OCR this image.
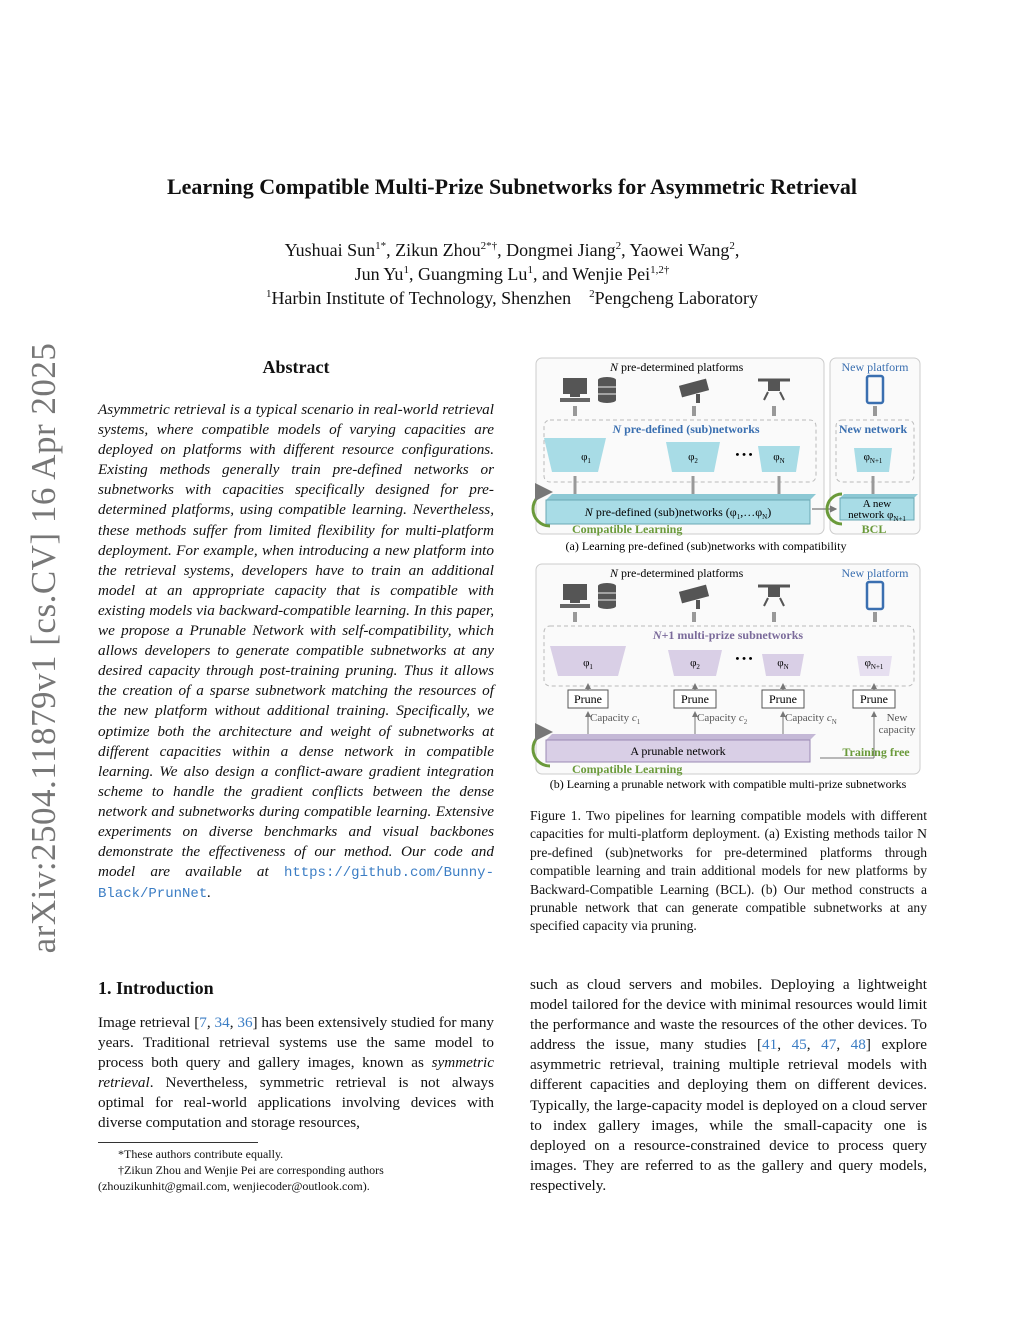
arXiv:2504.11879v1 [cs.CV] 16 Apr 2025
Learning Compatible Multi-Prize Subnetworks for Asymmetric Retrieval
Yushuai Sun$^{1*}$, Zikun Zhou$^{2*\dagger}$, Dongmei Jiang$^2$, Yaowei Wang$^2$,
Jun Yu$^1$, Guangming Lu$^1$, and Wenjie Pei$^{1,2\dagger}$
$^1$Harbin Institute of Technology, Shenzhen $^2$Pengcheng Laboratory
Abstract
Asymmetric retrieval is a typical scenario in real-world retrieval systems, where compatible models of varying capacities are deployed on platforms with different resource configurations. Existing methods generally train pre-defined networks or subnetworks with capacities specifically designed for pre-determined platforms, using compatible learning. Nevertheless, these methods suffer from limited flexibility for multi-platform deployment. For example, when introducing a new platform into the retrieval systems, developers have to train an additional model at an appropriate capacity that is compatible with existing models via backward-compatible learning. In this paper, we propose a Prunable Network with self-compatibility, which allows developers to generate compatible subnetworks at any desired capacity through post-training pruning. Thus it allows the creation of a sparse subnetwork matching the resources of the new platform without additional training. Specifically, we optimize both the architecture and weight of subnetworks at different capacities within a dense network in compatible learning. We also design a conflict-aware gradient integration scheme to handle the gradient conflicts between the dense network and subnetworks during compatible learning. Extensive experiments on diverse benchmarks and visual backbones demonstrate the effectiveness of our method. Our code and model are available at https://github.com/Bunny-Black/PrunNet.
1. Introduction
Image retrieval [7, 34, 36] has been extensively studied for many years. Traditional retrieval systems use the same model to process both query and gallery images, known as symmetric retrieval. Nevertheless, symmetric retrieval is not always optimal for real-world applications involving devices with diverse computation and storage resources,
*These authors contribute equally.
†Zikun Zhou and Wenjie Pei are corresponding authors (zhouzikunhit@gmail.com, wenjiecoder@outlook.com).
such as cloud servers and mobiles. Deploying a lightweight model tailored for the device with minimal resources would limit the performance and waste the resources of the other devices. To address the issue, many studies [41, 45, 47, 48] explore asymmetric retrieval, training multiple retrieval models with different capacities and deploying them on different devices. Typically, the large-capacity model is deployed on a cloud server to index gallery images, while the small-capacity one is deployed on a resource-constrained device to process query images. They are referred to as the gallery and query models, respectively.
N pre-determined platforms	New platform
N pre-defined (sub)networks	New network
$\varphi_1$	$\varphi_2$	$\varphi_N$	$\varphi_{N+1}$
• • •
N pre-defined (sub)networks $(\varphi_1,\dots\varphi_N)$
Compatible Learning
A new
network $\varphi_{N+1}$
BCL
(a) Learning pre-defined (sub)networks with compatibility
N pre-determined platforms	New platform
N+1 multi-prize subnetworks
$\varphi_1$	$\varphi_2$	$\varphi_N$	$\varphi_{N+1}$
• • •
Prune	Prune	Prune	Prune
Capacity $c_1$	Capacity $c_2$	Capacity $c_N$	New
capacity
A prunable network
Compatible Learning
Training free
(b) Learning a prunable network with compatible multi-prize subnetworks
Figure 1. Two pipelines for learning compatible models with different capacities for multi-platform deployment. (a) Existing methods tailor N pre-defined (sub)networks for pre-determined platforms through compatible learning and train additional models for new platforms by Backward-Compatible Learning (BCL). (b) Our method constructs a prunable network that can generate compatible subnetworks at any specified capacity via pruning.
